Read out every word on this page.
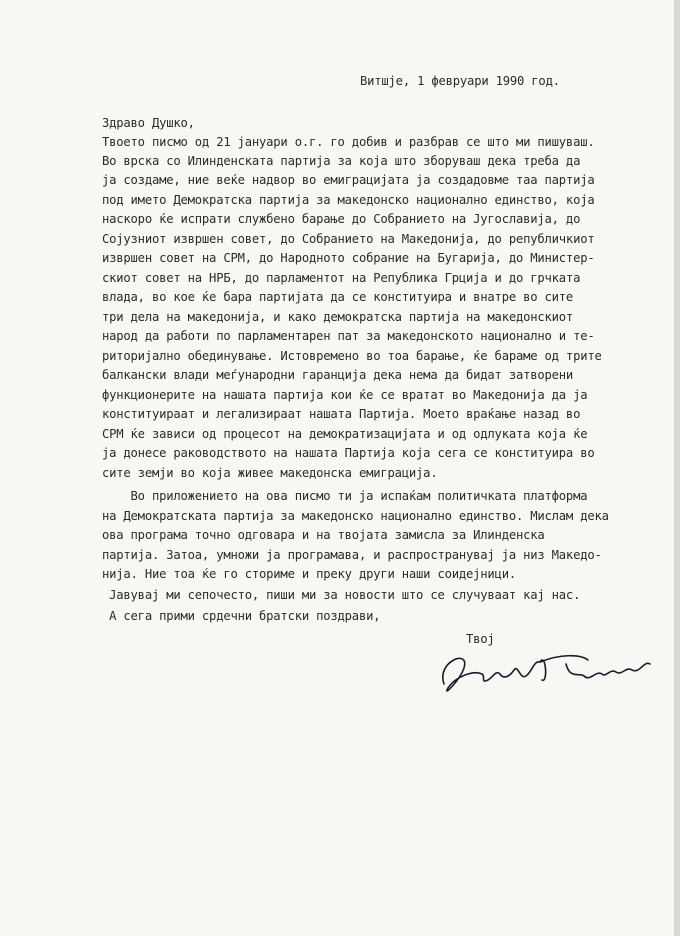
Витшје, 1 февруари 1990 год.
Здраво Душко,
Твоето писмо од 21 јануари о.г. го добив и разбрав се што ми пишуваш.
Во врска со Илинденската партија за која што зборуваш дека треба да
ја создаме, ние веќе надвор во емиграцијата ја создадовме таа партија
под името Демократска партија за македонско национално единство, која
наскоро ќе испрати службено барање до Собранието на Југославија, до
Сојузниот извршен совет, до Собранието на Македонија, до републичкиот
извршен совет на СРМ, до Народното собрание на Бугарија, до Министер-
скиот совет на НРБ, до парламентот на Република Грција и до грчката
влада, во кое ќе бара партијата да се конституира и внатре во сите
три дела на македонија, и како демократска партија на македонскиот
народ да работи по парламентарен пат за македонското национално и те-
риторијално обединување. Истовремено во тоа барање, ќе бараме од трите
балкански влади меѓународни гаранција дека нема да бидат затворени
функционерите на нашата партија кои ќе се вратат во Македонија да ја
конституираат и легализираат нашата Партија. Моето враќање назад во
СРМ ќе зависи од процесот на демократизацијата и од одлуката која ќе
ја донесе раководството на нашата Партија која сега се конституира во
сите земји во која живее македонска емиграција.
Во приложението на ова писмо ти ја испаќам политичката платформа
на Демократската партија за македонско национално единство. Мислам дека
ова програма точно одговара и на твојата замисла за Илинденска
партија. Затоа, умножи ја програмава, и распространувај ја низ Македо-
нија. Ние тоа ќе го сториме и преку други наши соидејници.
Јавувај ми сепочесто, пиши ми за новости што се случуваат кај нас.
А сега прими срдечни братски поздрави,
Твој
